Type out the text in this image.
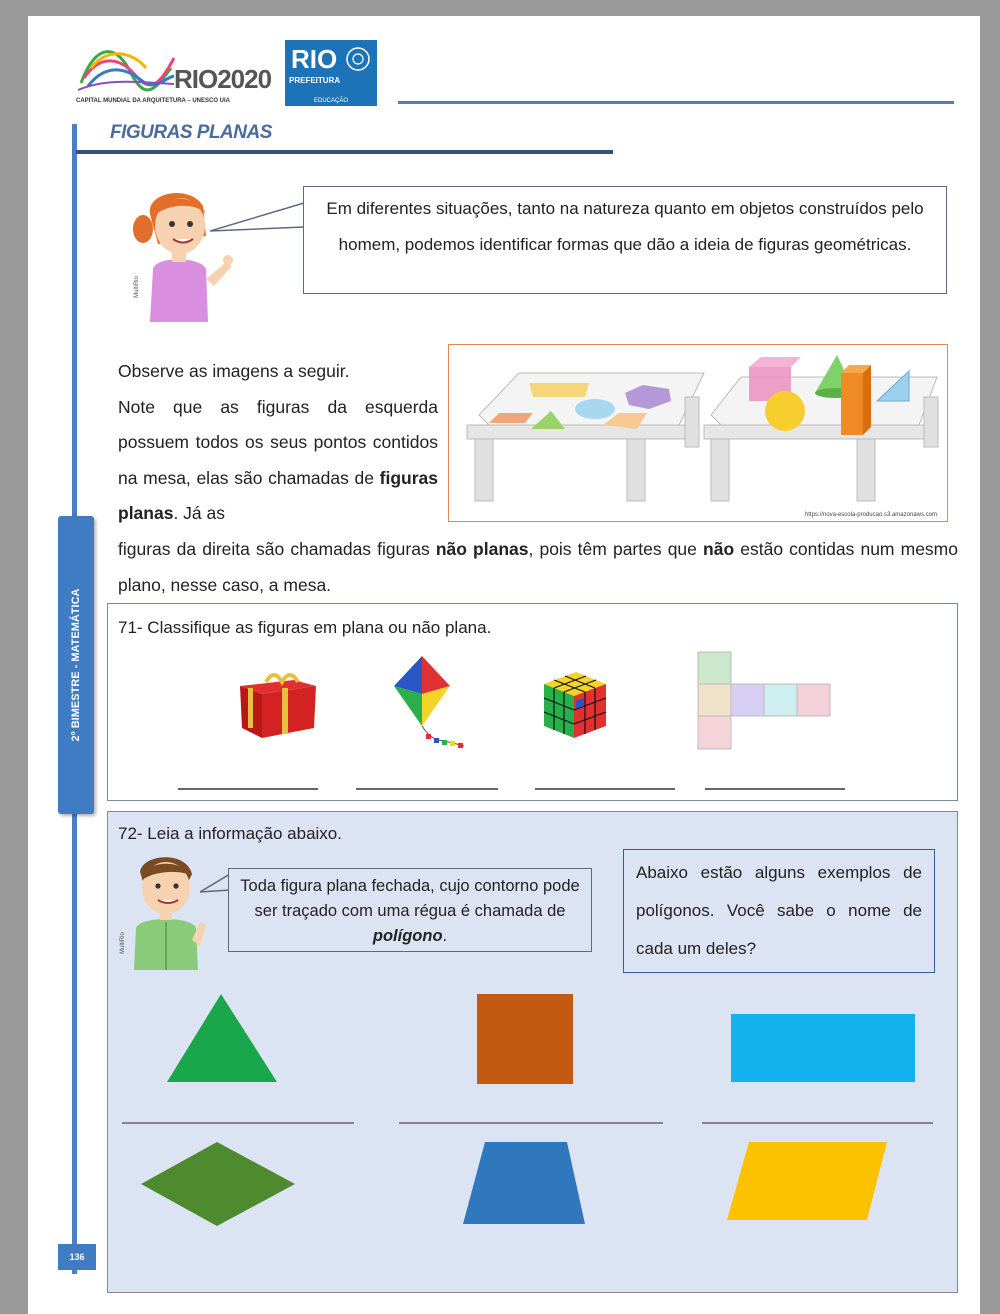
RIO2020
CAPITAL MUNDIAL DA ARQUITETURA – UNESCO UIA
RIO
PREFEITURA
EDUCAÇÃO
FIGURAS PLANAS
2º BIMESTRE - MATEMÁTICA
136
MultiRio
Em diferentes situações, tanto na natureza quanto em objetos construídos pelo homem, podemos identificar formas que dão a ideia de figuras geométricas.
Observe as imagens a seguir.
Note que as figuras da esquerda possuem todos os seus pontos contidos na mesa, elas são chamadas de figuras planas. Já as
figuras da direita são chamadas figuras não planas, pois têm partes que não estão contidas num mesmo plano, nesse caso, a mesa.
https://nova-escola-producao.s3.amazonaws.com
71- Classifique as figuras em plana ou não plana.
72- Leia a informação abaixo.
MultiRio
Toda figura plana fechada, cujo contorno pode ser traçado com uma régua é chamada de polígono.
Abaixo estão alguns exemplos de polígonos. Você sabe o nome de cada um deles?
